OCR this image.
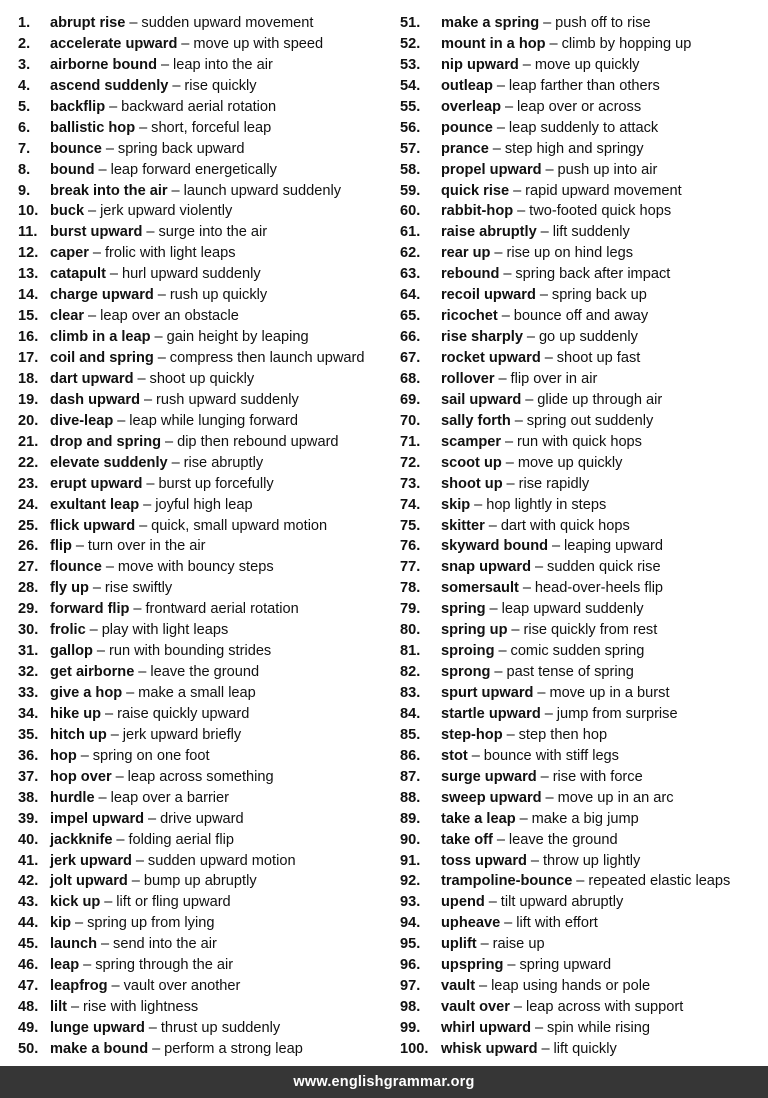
1.	abrupt rise – sudden upward movement
2.	accelerate upward – move up with speed
3.	airborne bound – leap into the air
4.	ascend suddenly – rise quickly
5.	backflip – backward aerial rotation
6.	ballistic hop – short, forceful leap
7.	bounce – spring back upward
8.	bound – leap forward energetically
9.	break into the air – launch upward suddenly
10. buck – jerk upward violently
11. burst upward – surge into the air
12. caper – frolic with light leaps
13. catapult – hurl upward suddenly
14. charge upward – rush up quickly
15. clear – leap over an obstacle
16. climb in a leap – gain height by leaping
17. coil and spring – compress then launch upward
18. dart upward – shoot up quickly
19. dash upward – rush upward suddenly
20. dive-leap – leap while lunging forward
21. drop and spring – dip then rebound upward
22. elevate suddenly – rise abruptly
23. erupt upward – burst up forcefully
24. exultant leap – joyful high leap
25. flick upward – quick, small upward motion
26. flip – turn over in the air
27. flounce – move with bouncy steps
28. fly up – rise swiftly
29. forward flip – frontward aerial rotation
30. frolic – play with light leaps
31. gallop – run with bounding strides
32. get airborne – leave the ground
33. give a hop – make a small leap
34. hike up – raise quickly upward
35. hitch up – jerk upward briefly
36. hop – spring on one foot
37. hop over – leap across something
38. hurdle – leap over a barrier
39. impel upward – drive upward
40. jackknife – folding aerial flip
41. jerk upward – sudden upward motion
42. jolt upward – bump up abruptly
43. kick up – lift or fling upward
44. kip – spring up from lying
45. launch – send into the air
46. leap – spring through the air
47. leapfrog – vault over another
48. lilt – rise with lightness
49. lunge upward – thrust up suddenly
50. make a bound – perform a strong leap
51.	make a spring – push off to rise
52.	mount in a hop – climb by hopping up
53.	nip upward – move up quickly
54.	outleap – leap farther than others
55.	overleap – leap over or across
56.	pounce – leap suddenly to attack
57.	prance – step high and springy
58.	propel upward – push up into air
59.	quick rise – rapid upward movement
60.	rabbit-hop – two-footed quick hops
61.	raise abruptly – lift suddenly
62.	rear up – rise up on hind legs
63.	rebound – spring back after impact
64.	recoil upward – spring back up
65.	ricochet – bounce off and away
66.	rise sharply – go up suddenly
67.	rocket upward – shoot up fast
68.	rollover – flip over in air
69.	sail upward – glide up through air
70.	sally forth – spring out suddenly
71.	scamper – run with quick hops
72.	scoot up – move up quickly
73.	shoot up – rise rapidly
74.	skip – hop lightly in steps
75.	skitter – dart with quick hops
76.	skyward bound – leaping upward
77.	snap upward – sudden quick rise
78.	somersault – head-over-heels flip
79.	spring – leap upward suddenly
80.	spring up – rise quickly from rest
81.	sproing – comic sudden spring
82.	sprong – past tense of spring
83.	spurt upward – move up in a burst
84.	startle upward – jump from surprise
85.	step-hop – step then hop
86.	stot – bounce with stiff legs
87.	surge upward – rise with force
88.	sweep upward – move up in an arc
89.	take a leap – make a big jump
90.	take off – leave the ground
91.	toss upward – throw up lightly
92.	trampoline-bounce – repeated elastic leaps
93.	upend – tilt upward abruptly
94.	upheave – lift with effort
95.	uplift – raise up
96.	upspring – spring upward
97.	vault – leap using hands or pole
98.	vault over – leap across with support
99.	whirl upward – spin while rising
100. whisk upward – lift quickly
www.englishgrammar.org
